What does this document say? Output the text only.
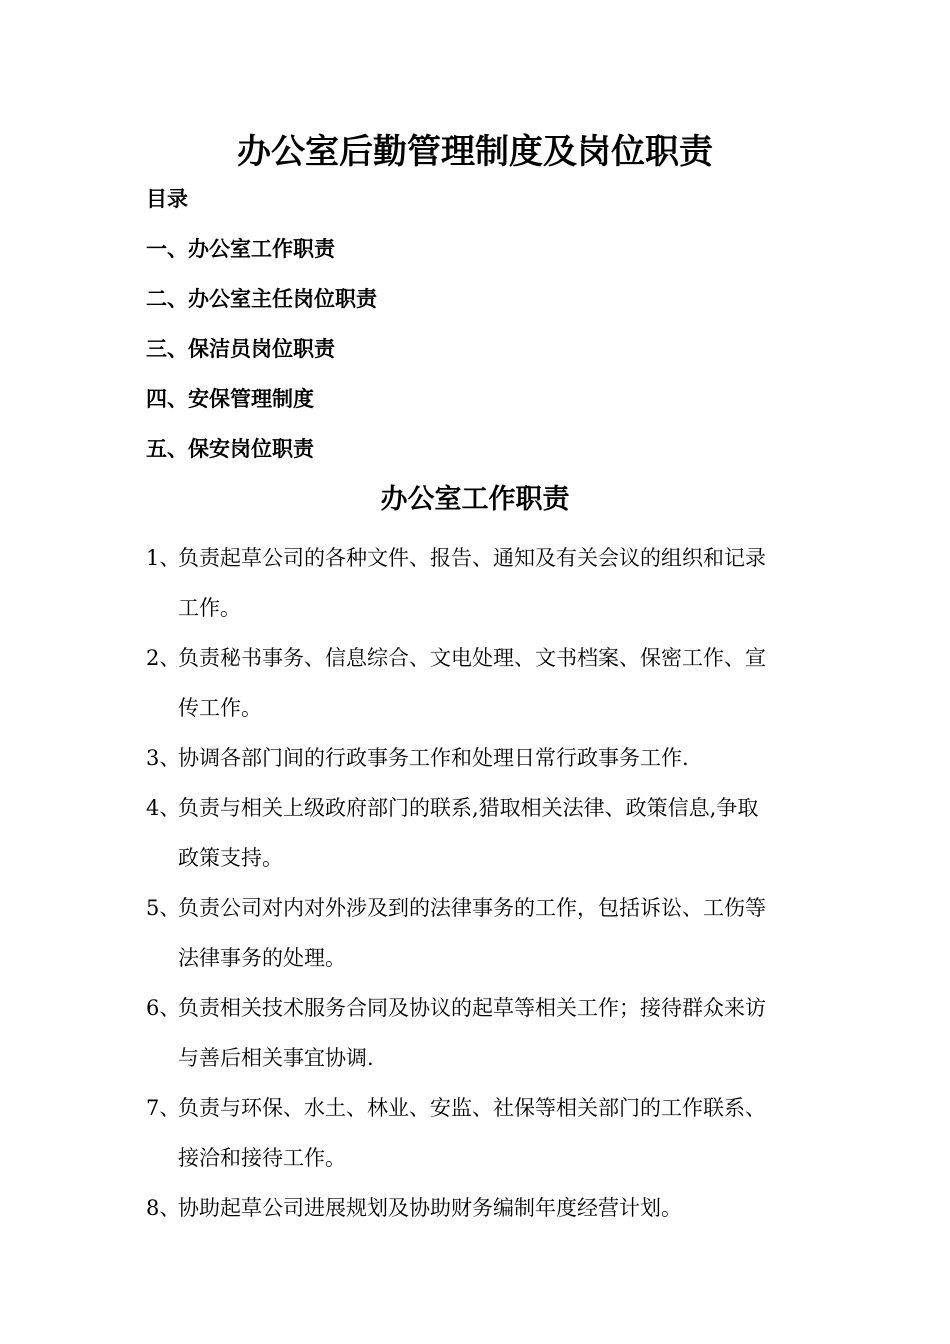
办公室后勤管理制度及岗位职责
目录
一、办公室工作职责
二、办公室主任岗位职责
三、保洁员岗位职责
四、安保管理制度
五、保安岗位职责
办公室工作职责
1、
负责起草公司的各种文件、报告、通知及有关会议的组织和记录
工作。
2、
负责秘书事务、信息综合、文电处理、文书档案、保密工作、宣
传工作。
3、
协调各部门间的行政事务工作和处理日常行政事务工作.
4、
负责与相关上级政府部门的联系,猎取相关法律、政策信息,争取
政策支持。
5、
负责公司对内对外涉及到的法律事务的工作，包括诉讼、工伤等
法律事务的处理。
6、
负责相关技术服务合同及协议的起草等相关工作；接待群众来访
与善后相关事宜协调.
7、
负责与环保、水土、林业、安监、社保等相关部门的工作联系、
接洽和接待工作。
8、
协助起草公司进展规划及协助财务编制年度经营计划。
